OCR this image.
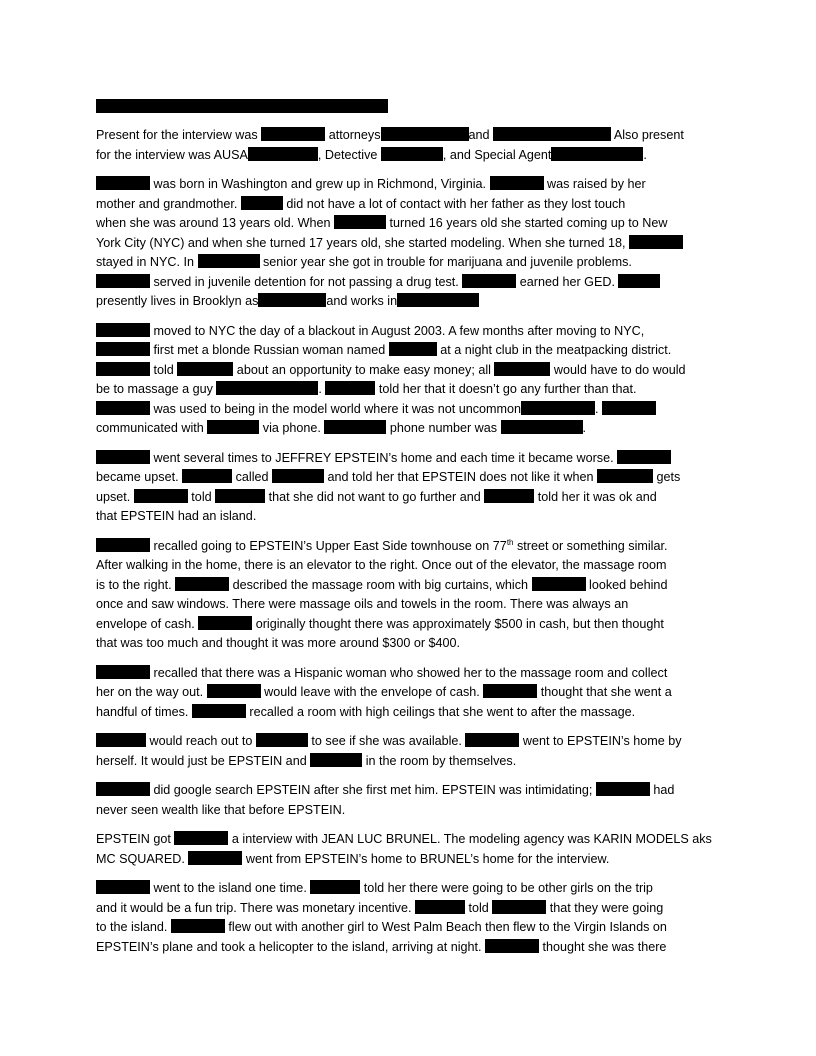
Present for the interview was	attorneys	and	Also present
for the interview was AUSA	, Detective	, and Special Agent	.
was born in Washington and grew up in Richmond, Virginia.	was raised by her
mother and grandmother.	did not have a lot of contact with her father as they lost touch
when she was around 13 years old. When	turned 16 years old she started coming up to New
York City (NYC) and when she turned 17 years old, she started modeling. When she turned 18,
stayed in NYC. In	senior year she got in trouble for marijuana and juvenile problems.
served in juvenile detention for not passing a drug test.	earned her GED.
presently lives in Brooklyn as	and works in
moved to NYC the day of a blackout in August 2003. A few months after moving to NYC,
first met a blonde Russian woman named	at a night club in the meatpacking district.
told	about an opportunity to make easy money; all	would have to do would
be to massage a guy	.	told her that it doesn’t go any further than that.
was used to being in the model world where it was not uncommon	.
communicated with	via phone.	phone number was	.
went several times to JEFFREY EPSTEIN’s home and each time it became worse.
became upset.	called	and told her that EPSTEIN does not like it when	gets
upset.	told	that she did not want to go further and	told her it was ok and
that EPSTEIN had an island.
recalled going to EPSTEIN’s Upper East Side townhouse on 77th street or something similar.
After walking in the home, there is an elevator to the right. Once out of the elevator, the massage room
is to the right.	described the massage room with big curtains, which	looked behind
once and saw windows. There were massage oils and towels in the room. There was always an
envelope of cash.	originally thought there was approximately $500 in cash, but then thought
that was too much and thought it was more around $300 or $400.
recalled that there was a Hispanic woman who showed her to the massage room and collect
her on the way out.	would leave with the envelope of cash.	thought that she went a
handful of times.	recalled a room with high ceilings that she went to after the massage.
would reach out to	to see if she was available.	went to EPSTEIN’s home by
herself. It would just be EPSTEIN and	in the room by themselves.
did google search EPSTEIN after she first met him. EPSTEIN was intimidating;	had
never seen wealth like that before EPSTEIN.
EPSTEIN got	a interview with JEAN LUC BRUNEL. The modeling agency was KARIN MODELS aks
MC SQUARED.	went from EPSTEIN’s home to BRUNEL’s home for the interview.
went to the island one time.	told her there were going to be other girls on the trip
and it would be a fun trip. There was monetary incentive.	told	that they were going
to the island.	flew out with another girl to West Palm Beach then flew to the Virgin Islands on
EPSTEIN’s plane and took a helicopter to the island, arriving at night.	thought she was there
